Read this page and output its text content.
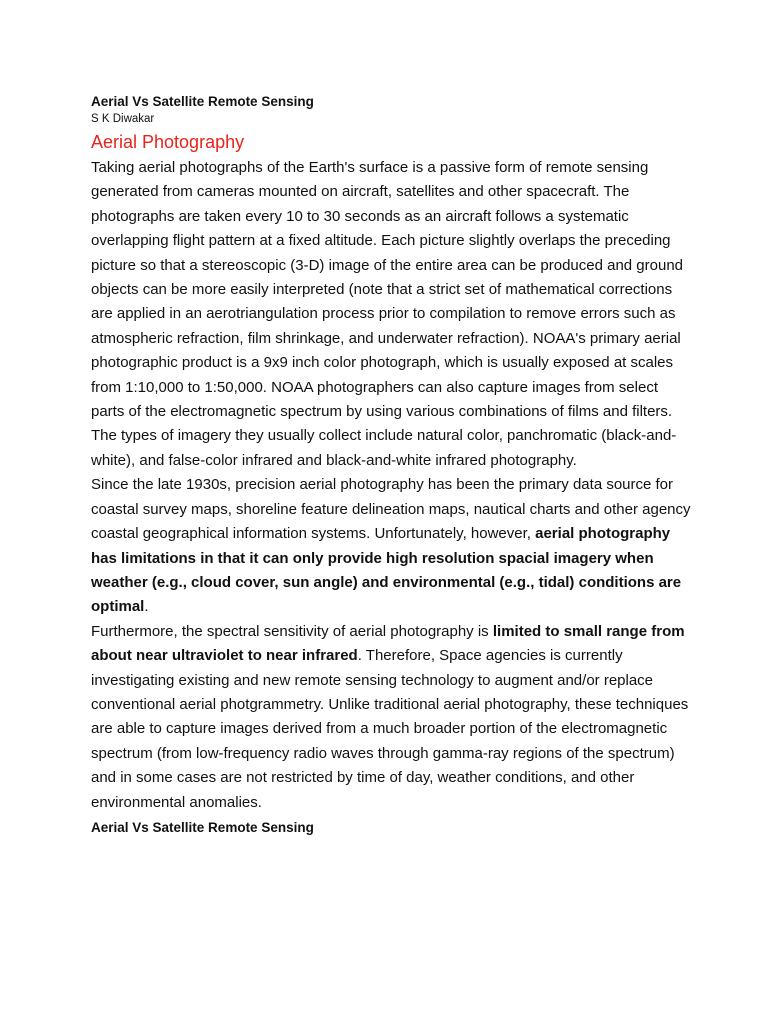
Aerial Vs Satellite Remote Sensing

S K Diwakar

Aerial Photography

Taking aerial photographs of the Earth's surface is a passive form of remote sensing generated from cameras mounted on aircraft, satellites and other spacecraft. The photographs are taken every 10 to 30 seconds as an aircraft follows a systematic overlapping flight pattern at a fixed altitude. Each picture slightly overlaps the preceding picture so that a stereoscopic (3-D) image of the entire area can be produced and ground objects can be more easily interpreted (note that a strict set of mathematical corrections are applied in an aerotriangulation process prior to compilation to remove errors such as atmospheric refraction, film shrinkage, and underwater refraction). NOAA's primary aerial photographic product is a 9x9 inch color photograph, which is usually exposed at scales from 1:10,000 to 1:50,000. NOAA photographers can also capture images from select parts of the electromagnetic spectrum by using various combinations of films and filters. The types of imagery they usually collect include natural color, panchromatic (black-and-white), and false-color infrared and black-and-white infrared photography.

Since the late 1930s, precision aerial photography has been the primary data source for coastal survey maps, shoreline feature delineation maps, nautical charts and other agency coastal geographical information systems. Unfortunately, however, aerial photography has limitations in that it can only provide high resolution spacial imagery when weather (e.g., cloud cover, sun angle) and environmental (e.g., tidal) conditions are optimal.

Furthermore, the spectral sensitivity of aerial photography is limited to small range from about near ultraviolet to near infrared. Therefore, Space agencies is currently investigating existing and new remote sensing technology to augment and/or replace conventional aerial photgrammetry. Unlike traditional aerial photography, these techniques are able to capture images derived from a much broader portion of the electromagnetic spectrum (from low-frequency radio waves through gamma-ray regions of the spectrum) and in some cases are not restricted by time of day, weather conditions, and other environmental anomalies.

Aerial Vs Satellite Remote Sensing
